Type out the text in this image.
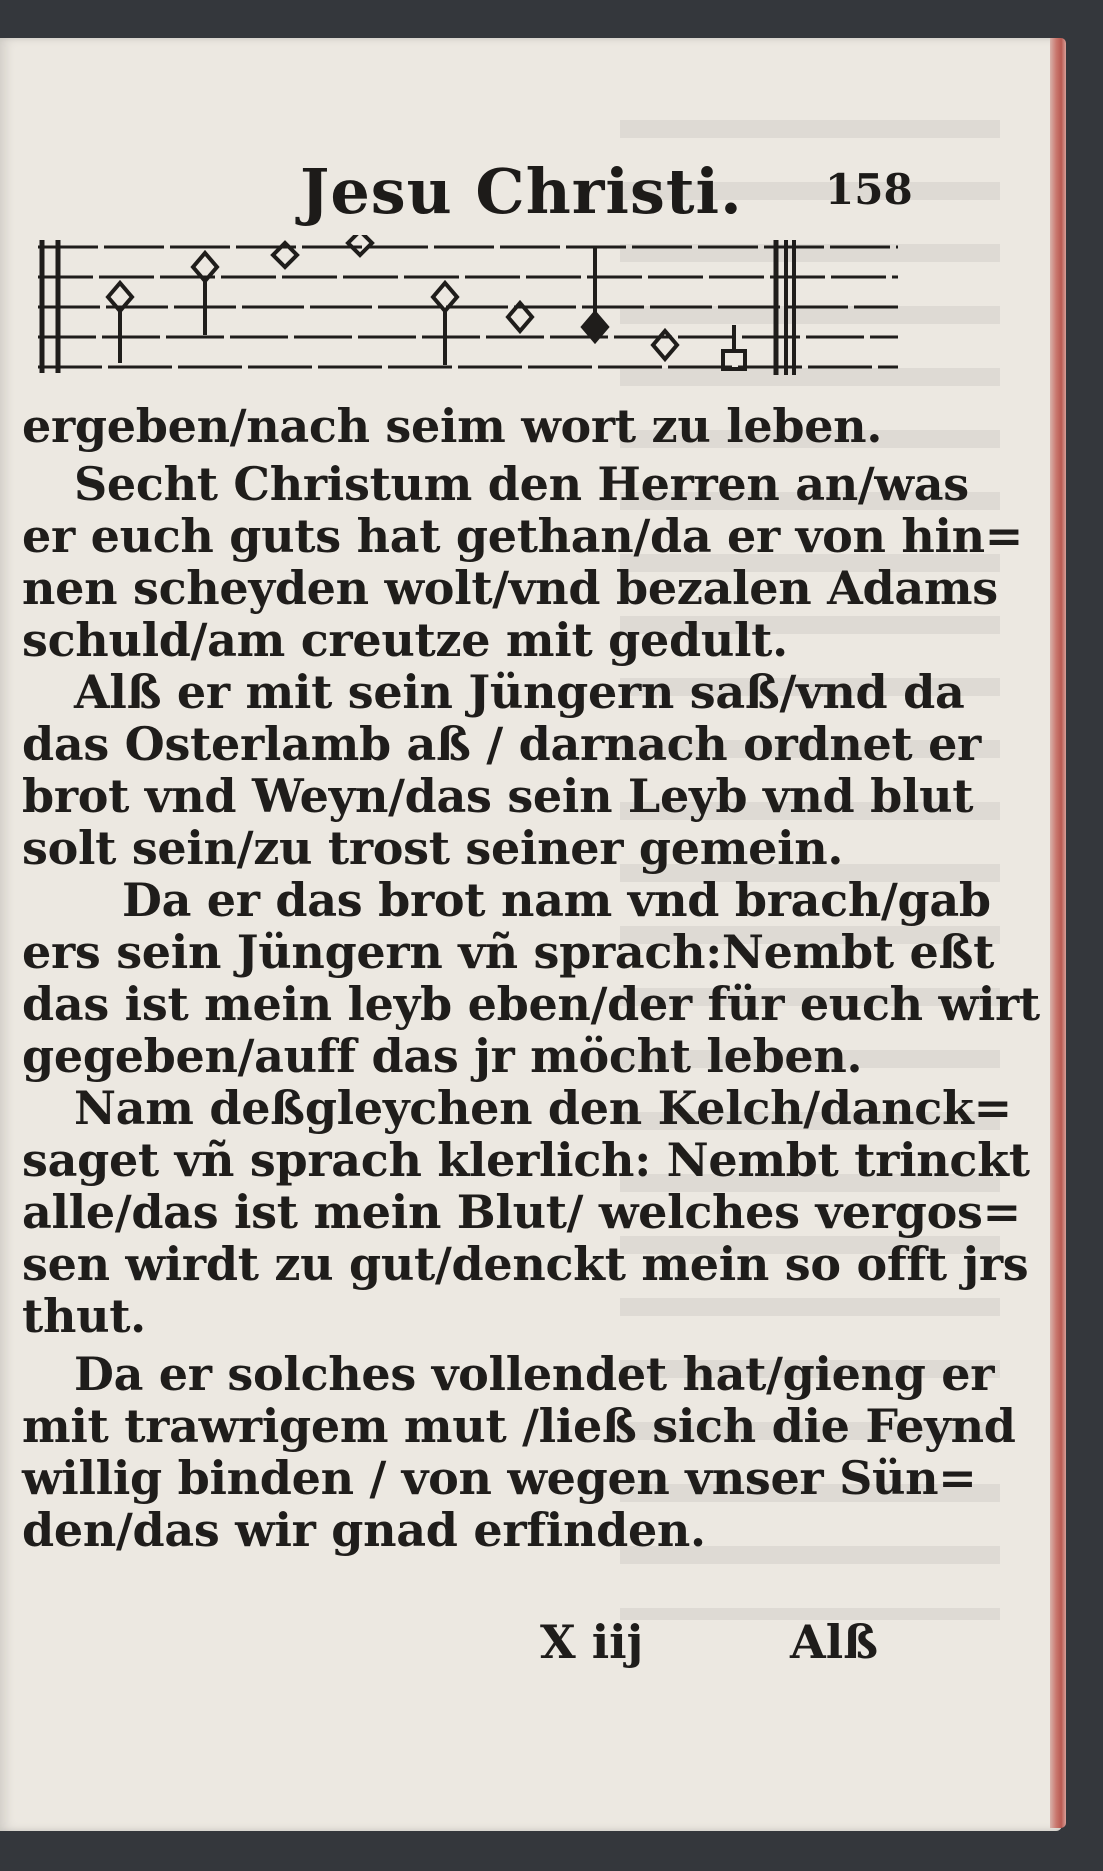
Jesu Christi. 158
ergeben/nach seim wort zu leben.
Secht Christum den Herren an/was
er euch guts hat gethan/da er von hin=
nen scheyden wolt/vnd bezalen Adams
schuld/am creutze mit gedult.
Alß er mit sein Jüngern saß/vnd da
das Osterlamb aß / darnach ordnet er
brot vnd Weyn/das sein Leyb vnd blut
solt sein/zu trost seiner gemein.
Da er das brot nam vnd brach/gab
ers sein Jüngern vñ sprach:Nembt eßt
das ist mein leyb eben/der für euch wirt
gegeben/auff das jr möcht leben.
Nam deßgleychen den Kelch/danck=
saget vñ sprach klerlich: Nembt trinckt
alle/das ist mein Blut/ welches vergos=
sen wirdt zu gut/denckt mein so offt jrs
thut.
Da er solches vollendet hat/gieng er
mit trawrigem mut /ließ sich die Feynd
willig binden / von wegen vnser Sün=
den/das wir gnad erfinden.
X iij	Alß
